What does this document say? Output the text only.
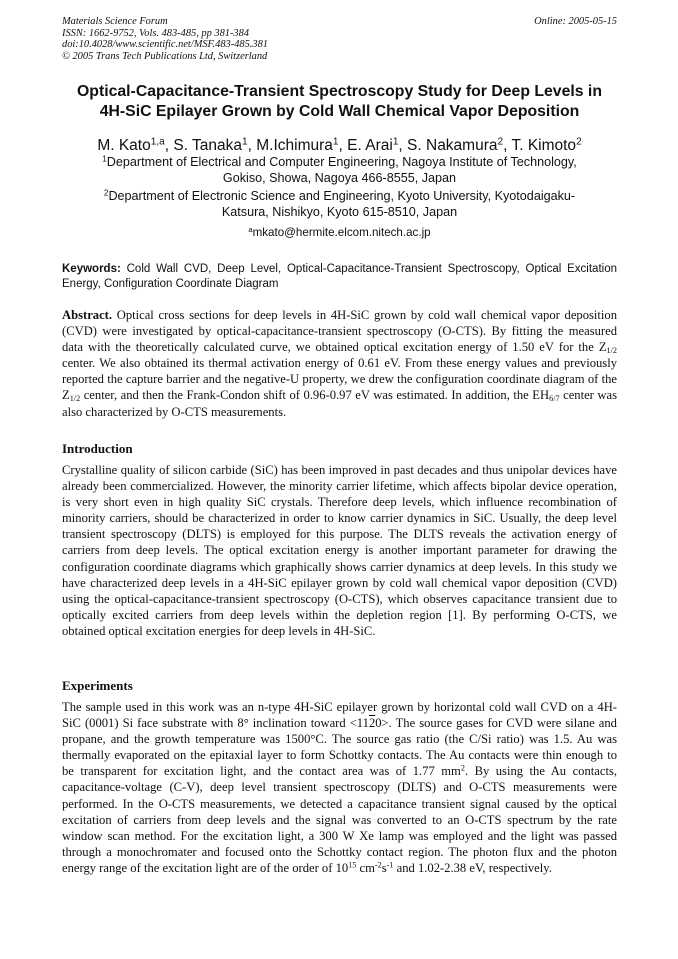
Materials Science Forum
ISSN: 1662-9752, Vols. 483-485, pp 381-384
doi:10.4028/www.scientific.net/MSF.483-485.381
© 2005 Trans Tech Publications Ltd, Switzerland
Online: 2005-05-15
Optical-Capacitance-Transient Spectroscopy Study for Deep Levels in
4H-SiC Epilayer Grown by Cold Wall Chemical Vapor Deposition
M. Kato$^{1,a}$, S. Tanaka$^1$, M.Ichimura$^1$, E. Arai$^1$, S. Nakamura$^2$, T. Kimoto$^2$
$^1$Department of Electrical and Computer Engineering, Nagoya Institute of Technology,
Gokiso, Showa, Nagoya 466-8555, Japan
$^2$Department of Electronic Science and Engineering, Kyoto University, Kyotodaigaku-
Katsura, Nishikyo, Kyoto 615-8510, Japan
$^a$mkato@hermite.elcom.nitech.ac.jp
Keywords: Cold Wall CVD, Deep Level, Optical-Capacitance-Transient Spectroscopy, Optical Excitation Energy, Configuration Coordinate Diagram
Abstract. Optical cross sections for deep levels in 4H-SiC grown by cold wall chemical vapor deposition (CVD) were investigated by optical-capacitance-transient spectroscopy (O-CTS). By fitting the measured data with the theoretically calculated curve, we obtained optical excitation energy of 1.50 eV for the $Z_{1/2}$ center. We also obtained its thermal activation energy of 0.61 eV. From these energy values and previously reported the capture barrier and the negative-U property, we drew the configuration coordinate diagram of the $Z_{1/2}$ center, and then the Frank-Condon shift of 0.96-0.97 eV was estimated. In addition, the $EH_{6/7}$ center was also characterized by O-CTS measurements.
Introduction
Crystalline quality of silicon carbide (SiC) has been improved in past decades and thus unipolar devices have already been commercialized. However, the minority carrier lifetime, which affects bipolar device operation, is very short even in high quality SiC crystals. Therefore deep levels, which influence recombination of minority carriers, should be characterized in order to know carrier dynamics in SiC. Usually, the deep level transient spectroscopy (DLTS) is employed for this purpose. The DLTS reveals the activation energy of carriers from deep levels. The optical excitation energy is another important parameter for drawing the configuration coordinate diagrams which graphically shows carrier dynamics at deep levels. In this study we have characterized deep levels in a 4H-SiC epilayer grown by cold wall chemical vapor deposition (CVD) using the optical-capacitance-transient spectroscopy (O-CTS), which observes capacitance transient due to optically excited carriers from deep levels within the depletion region [1]. By performing O-CTS, we obtained optical excitation energies for deep levels in 4H-SiC.
Experiments
The sample used in this work was an n-type 4H-SiC epilayer grown by horizontal cold wall CVD on a 4H-SiC (0001) Si face substrate with 8° inclination toward <1120>. The source gases for CVD were silane and propane, and the growth temperature was 1500°C. The source gas ratio (the C/Si ratio) was 1.5. Au was thermally evaporated on the epitaxial layer to form Schottky contacts. The Au contacts were thin enough to be transparent for excitation light, and the contact area was of 1.77 $mm^2$. By using the Au contacts, capacitance-voltage (C-V), deep level transient spectroscopy (DLTS) and O-CTS measurements were performed. In the O-CTS measurements, we detected a capacitance transient signal caused by the optical excitation of carriers from deep levels and the signal was converted to an O-CTS spectrum by the rate window scan method. For the excitation light, a 300 W Xe lamp was employed and the light was passed through a monochromater and focused onto the Schottky contact region. The photon flux and the photon energy range of the excitation light are of the order of $10^{15}$ $cm^{-2}s^{-1}$ and 1.02-2.38 eV, respectively.
